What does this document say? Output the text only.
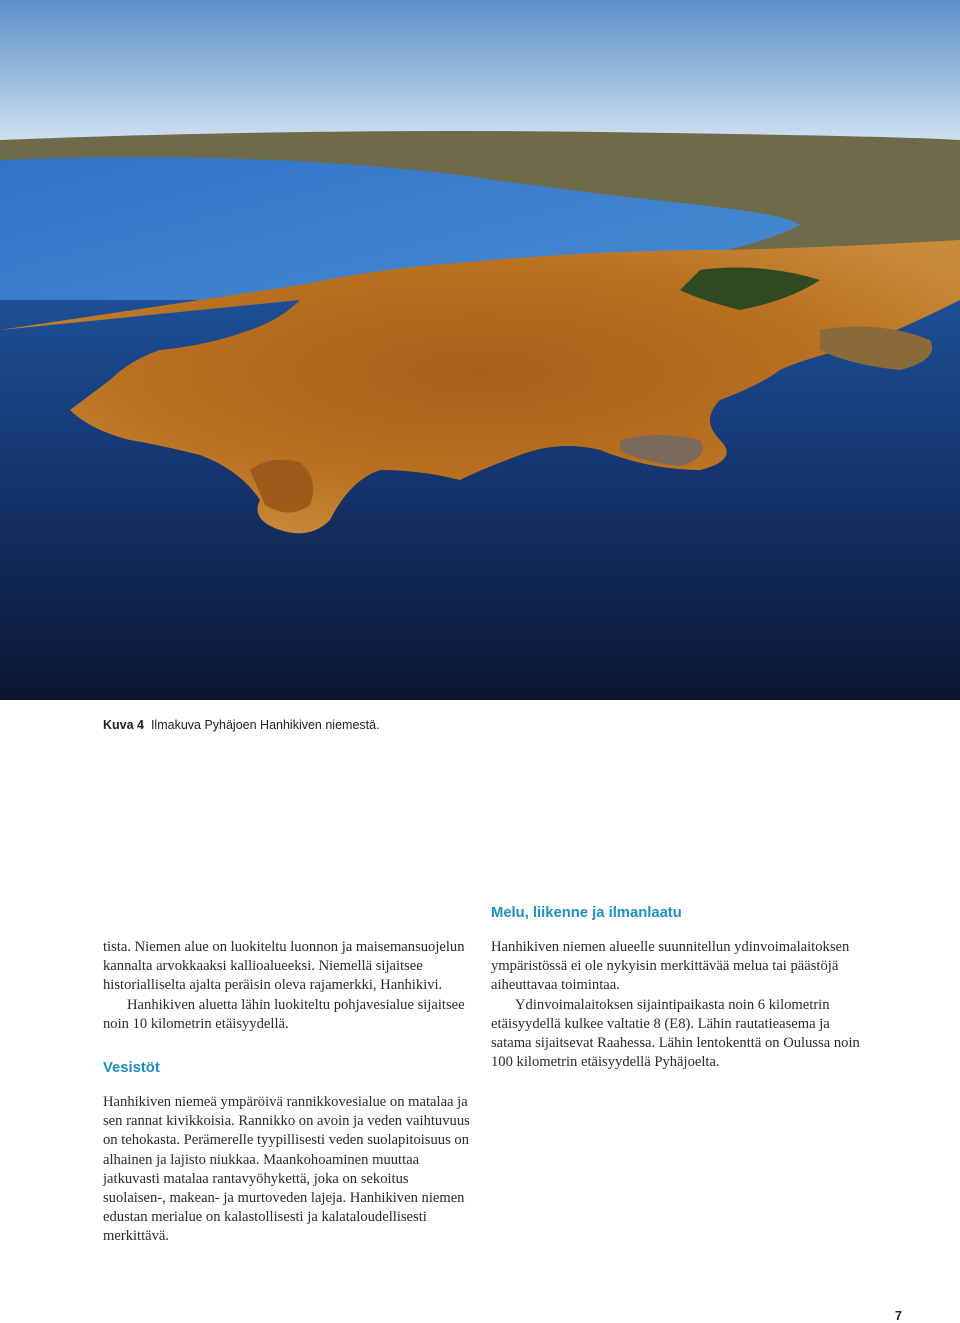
Kuva 4 Ilmakuva Pyhäjoen Hanhikiven niemestä.

tista. Niemen alue on luokiteltu luonnon ja maisemansuojelun kannalta arvokkaaksi kallioalueeksi. Niemellä sijaitsee historialliselta ajalta peräisin oleva rajamerkki, Hanhikivi.

Hanhikiven aluetta lähin luokiteltu pohjavesialue sijaitsee noin 10 kilometrin etäisyydellä.

Vesistöt

Hanhikiven niemeä ympäröivä rannikkovesialue on matalaa ja sen rannat kivikkoisia. Rannikko on avoin ja veden vaihtuvuus on tehokasta. Perämerelle tyypillisesti veden suolapitoisuus on alhainen ja lajisto niukkaa. Maankohoaminen muuttaa jatkuvasti matalaa rantavyöhykettä, joka on sekoitus suolaisen-, makean- ja murtoveden lajeja. Hanhikiven niemen edustan merialue on kalastollisesti ja kalataloudellisesti merkittävä.

Melu, liikenne ja ilmanlaatu

Hanhikiven niemen alueelle suunnitellun ydinvoimalaitoksen ympäristössä ei ole nykyisin merkittävää melua tai päästöjä aiheuttavaa toimintaa.

Ydinvoimalaitoksen sijaintipaikasta noin 6 kilometrin etäisyydellä kulkee valtatie 8 (E8). Lähin rautatieasema ja satama sijaitsevat Raahessa. Lähin lentokenttä on Oulussa noin 100 kilometrin etäisyydellä Pyhäjoelta.

7
